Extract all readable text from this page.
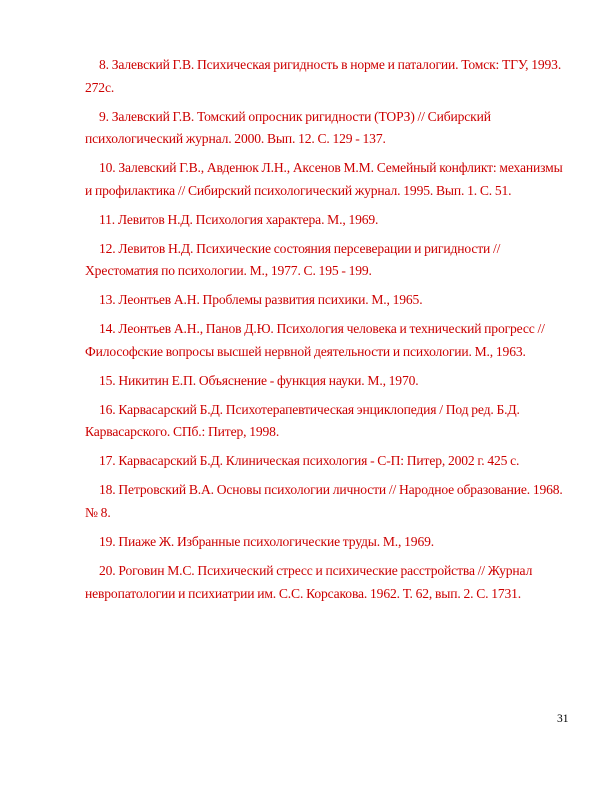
8. Залевский Г.В. Психическая ригидность в норме и паталогии. Томск: ТГУ, 1993. 272с.

9. Залевский Г.В. Томский опросник ригидности (ТОРЗ) // Сибирский психологический журнал. 2000. Вып. 12. С. 129 - 137.

10. Залевский Г.В., Авденюк Л.Н., Аксенов М.М. Семейный конфликт: механизмы и профилактика // Сибирский психологический журнал. 1995. Вып. 1. С. 51.

11. Левитов Н.Д. Психология характера. М., 1969.

12. Левитов Н.Д. Психические состояния персеверации и ригидности // Хрестоматия по психологии. М., 1977. С. 195 - 199.

13. Леонтьев А.Н. Проблемы развития психики. М., 1965.

14. Леонтьев А.Н., Панов Д.Ю. Психология человека и технический прогресс // Философские вопросы высшей нервной деятельности и психологии. М., 1963.

15. Никитин Е.П. Объяснение - функция науки. М., 1970.

16. Карвасарский Б.Д. Психотерапевтическая энциклопедия / Под ред. Б.Д. Карвасарского. СПб.: Питер, 1998.

17. Карвасарский Б.Д. Клиническая психология - С-П: Питер, 2002 г. 425 с.

18. Петровский В.А. Основы психологии личности // Народное образование. 1968. № 8.

19. Пиаже Ж. Избранные психологические труды. М., 1969.

20. Роговин М.С. Психический стресс и психические расстройства // Журнал невропатологии и психиатрии им. С.С. Корсакова. 1962. Т. 62, вып. 2. С. 1731.

31
